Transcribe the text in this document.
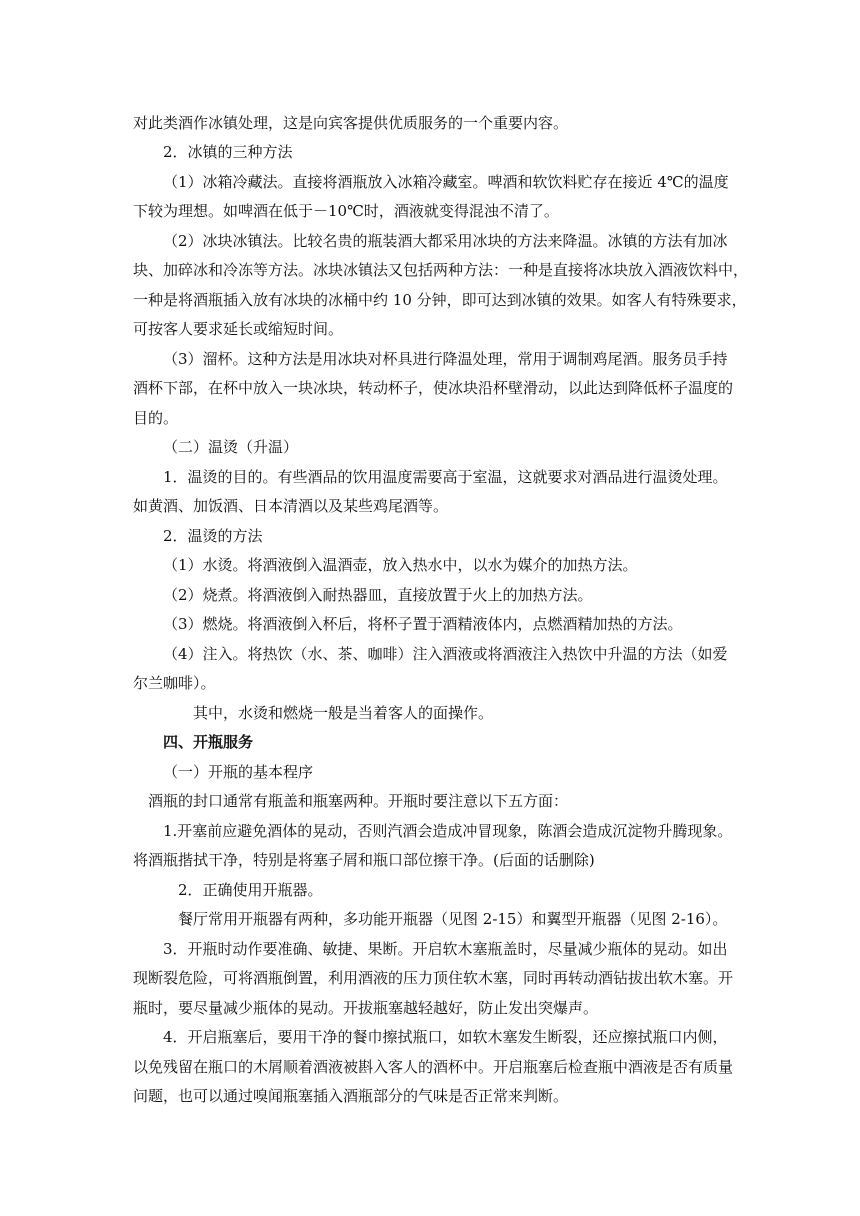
对此类酒作冰镇处理，这是向宾客提供优质服务的一个重要内容。
2．冰镇的三种方法
（1）冰箱冷藏法。直接将酒瓶放入冰箱冷藏室。啤酒和软饮料贮存在接近 4℃的温度
下较为理想。如啤酒在低于－10℃时，酒液就变得混浊不清了。
（2）冰块冰镇法。比较名贵的瓶装酒大都采用冰块的方法来降温。冰镇的方法有加冰
块、加碎冰和冷冻等方法。冰块冰镇法又包括两种方法：一种是直接将冰块放入酒液饮料中，
一种是将酒瓶插入放有冰块的冰桶中约 10 分钟，即可达到冰镇的效果。如客人有特殊要求，
可按客人要求延长或缩短时间。
（3）溜杯。这种方法是用冰块对杯具进行降温处理，常用于调制鸡尾酒。服务员手持
酒杯下部，在杯中放入一块冰块，转动杯子，使冰块沿杯壁滑动，以此达到降低杯子温度的
目的。
（二）温烫（升温）
1．温烫的目的。有些酒品的饮用温度需要高于室温，这就要求对酒品进行温烫处理。
如黄酒、加饭酒、日本清酒以及某些鸡尾酒等。
2．温烫的方法
（1）水烫。将酒液倒入温酒壶，放入热水中，以水为媒介的加热方法。
（2）烧煮。将酒液倒入耐热器皿，直接放置于火上的加热方法。
（3）燃烧。将酒液倒入杯后，将杯子置于酒精液体内，点燃酒精加热的方法。
（4）注入。将热饮（水、茶、咖啡）注入酒液或将酒液注入热饮中升温的方法（如爱
尔兰咖啡）。
其中，水烫和燃烧一般是当着客人的面操作。
四、开瓶服务
（一）开瓶的基本程序
酒瓶的封口通常有瓶盖和瓶塞两种。开瓶时要注意以下五方面：
1.开塞前应避免酒体的晃动，否则汽酒会造成冲冒现象，陈酒会造成沉淀物升腾现象。
将酒瓶揩拭干净，特别是将塞子屑和瓶口部位擦干净。(后面的话删除)
2．正确使用开瓶器。
餐厅常用开瓶器有两种，多功能开瓶器（见图 2-15）和翼型开瓶器（见图 2-16）。
3．开瓶时动作要准确、敏捷、果断。开启软木塞瓶盖时，尽量减少瓶体的晃动。如出
现断裂危险，可将酒瓶倒置，利用酒液的压力顶住软木塞，同时再转动酒钻拔出软木塞。开
瓶时，要尽量减少瓶体的晃动。开拔瓶塞越轻越好，防止发出突爆声。
4．开启瓶塞后，要用干净的餐巾擦拭瓶口，如软木塞发生断裂，还应擦拭瓶口内侧，
以免残留在瓶口的木屑顺着酒液被斟入客人的酒杯中。开启瓶塞后检查瓶中酒液是否有质量
问题，也可以通过嗅闻瓶塞插入酒瓶部分的气味是否正常来判断。
